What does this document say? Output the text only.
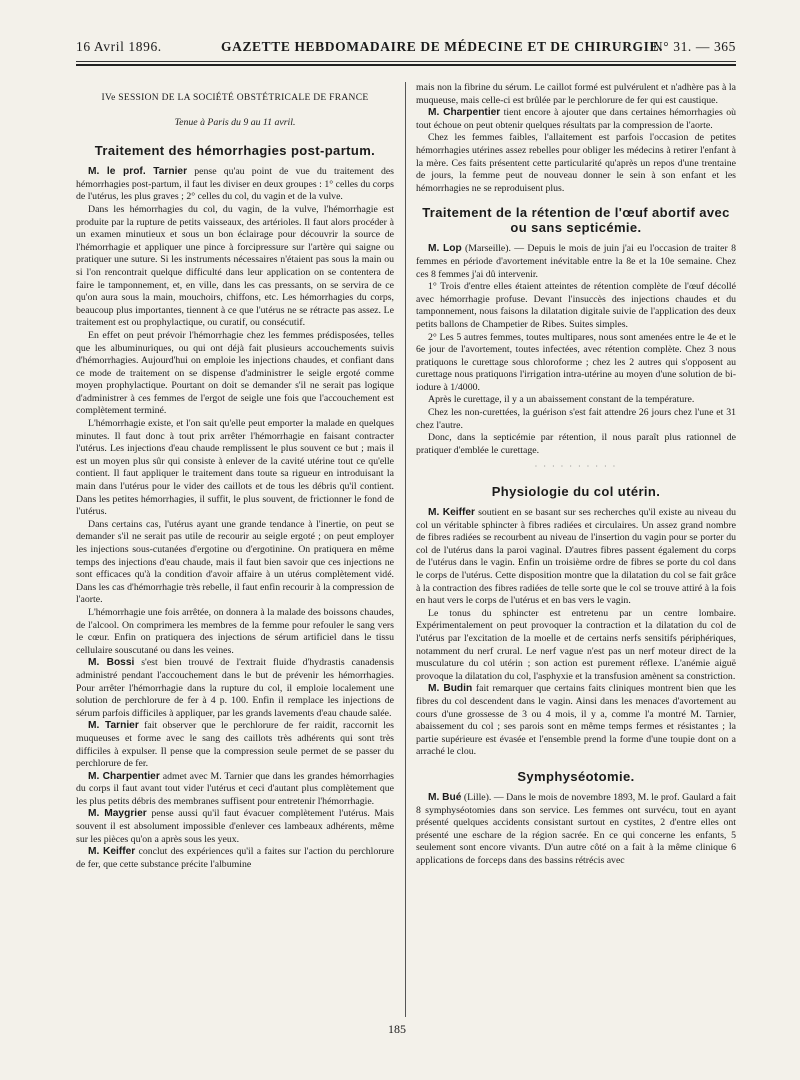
16 Avril 1896.	GAZETTE HEBDOMADAIRE DE MÉDECINE ET DE CHIRURGIE.
N° 31. — 365
IVe SESSION DE LA SOCIÉTÉ OBSTÉTRICALE DE FRANCE
Tenue à Paris du 9 au 11 avril.
Traitement des hémorrhagies post-partum.

M. le prof. Tarnier pense qu'au point de vue du traitement des hémorrhagies post-partum, il faut les diviser en deux groupes : 1° celles du corps de l'utérus, les plus graves ; 2° celles du col, du vagin et de la vulve.

Dans les hémorrhagies du col, du vagin, de la vulve, l'hémorrhagie est produite par la rupture de petits vaisseaux, des artérioles. Il faut alors procéder à un examen minutieux et sous un bon éclairage pour découvrir la source de l'hémorrhagie et appliquer une pince à forcipressure sur l'artère qui saigne ou pratiquer une suture. Si les instruments nécessaires n'étaient pas sous la main ou si l'on rencontrait quelque difficulté dans leur application on se contentera de faire le tamponnement, et, en ville, dans les cas pressants, on se servira de ce qu'on aura sous la main, mouchoirs, chiffons, etc. Les hémorrhagies du corps, beaucoup plus importantes, tiennent à ce que l'utérus ne se rétracte pas assez. Le traitement est ou prophylactique, ou curatif, ou consécutif.

En effet on peut prévoir l'hémorrhagie chez les femmes prédisposées, telles que les albuminuriques, ou qui ont déjà fait plusieurs accouchements suivis d'hémorrhagies. Aujourd'hui on emploie les injections chaudes, et confiant dans ce mode de traitement on se dispense d'administrer le seigle ergoté comme moyen prophylactique. Pourtant on doit se demander s'il ne serait pas logique d'administrer à ces femmes de l'ergot de seigle une fois que l'accouchement est complètement terminé.

L'hémorrhagie existe, et l'on sait qu'elle peut emporter la malade en quelques minutes. Il faut donc à tout prix arrêter l'hémorrhagie en faisant contracter l'utérus. Les injections d'eau chaude remplissent le plus souvent ce but ; mais il est un moyen plus sûr qui consiste à enlever de la cavité utérine tout ce qu'elle contient. Il faut appliquer le traitement dans toute sa rigueur en introduisant la main dans l'utérus pour le vider des caillots et de tous les débris qu'il contient. Dans les petites hémorrhagies, il suffit, le plus souvent, de frictionner le fond de l'utérus.

Dans certains cas, l'utérus ayant une grande tendance à l'inertie, on peut se demander s'il ne serait pas utile de recourir au seigle ergoté ; on peut employer les injections sous-cutanées d'ergotine ou d'ergotinine. On pratiquera en même temps des injections d'eau chaude, mais il faut bien savoir que ces injections ne sont efficaces qu'à la condition d'avoir affaire à un utérus complètement vidé. Dans les cas d'hémorrhagie très rebelle, il faut enfin recourir à la compression de l'aorte.

L'hémorrhagie une fois arrêtée, on donnera à la malade des boissons chaudes, de l'alcool. On comprimera les membres de la femme pour refouler le sang vers le cœur. Enfin on pratiquera des injections de sérum artificiel dans le tissu cellulaire souscutané ou dans les veines.

M. Bossi s'est bien trouvé de l'extrait fluide d'hydrastis canadensis administré pendant l'accouchement dans le but de prévenir les hémorrhagies. Pour arrêter l'hémorrhagie dans la rupture du col, il emploie localement une solution de perchlorure de fer à 4 p. 100. Enfin il remplace les injections de sérum parfois difficiles à appliquer, par les grands lavements d'eau chaude salée.

M. Tarnier fait observer que le perchlorure de fer raidit, raccornit les muqueuses et forme avec le sang des caillots très adhérents qui sont très difficiles à expulser. Il pense que la compression seule permet de se passer du perchlorure de fer.

M. Charpentier admet avec M. Tarnier que dans les grandes hémorrhagies du corps il faut avant tout vider l'utérus et ceci d'autant plus complètement que les plus petits débris des membranes suffisent pour entretenir l'hémorrhagie.

M. Maygrier pense aussi qu'il faut évacuer complètement l'utérus. Mais souvent il est absolument impossible d'enlever ces lambeaux adhérents, même sur les pièces qu'on a après sous les yeux.

M. Keiffer conclut des expériences qu'il a faites sur l'action du perchlorure de fer, que cette substance précite l'albumine

mais non la fibrine du sérum. Le caillot formé est pulvérulent et n'adhère pas à la muqueuse, mais celle-ci est brûlée par le perchlorure de fer qui est caustique.

M. Charpentier tient encore à ajouter que dans certaines hémorrhagies où tout échoue on peut obtenir quelques résultats par la compression de l'aorte.

Chez les femmes faibles, l'allaitement est parfois l'occasion de petites hémorrhagies utérines assez rebelles pour obliger les médecins à retirer l'enfant à la mère. Ces faits présentent cette particularité qu'après un repos d'une trentaine de jours, la femme peut de nouveau donner le sein à son enfant et les hémorrhagies ne se reproduisent plus.

Traitement de la rétention de l'œuf abortif avec ou sans septicémie.

M. Lop (Marseille). — Depuis le mois de juin j'ai eu l'occasion de traiter 8 femmes en période d'avortement inévitable entre la 8e et la 10e semaine. Chez ces 8 femmes j'ai dû intervenir.

1° Trois d'entre elles étaient atteintes de rétention complète de l'œuf décollé avec hémorrhagie profuse. Devant l'insuccès des injections chaudes et du tamponnement, nous faisons la dilatation digitale suivie de l'application des deux petits ballons de Champetier de Ribes. Suites simples.

2° Les 5 autres femmes, toutes multipares, nous sont amenées entre le 4e et le 6e jour de l'avortement, toutes infectées, avec rétention complète. Chez 3 nous pratiquons le curettage sous chloroforme ; chez les 2 autres qui s'opposent au curettage nous pratiquons l'irrigation intra-utérine au moyen d'une solution de bi-iodure à 1/4000.

Après le curettage, il y a un abaissement constant de la température.

Chez les non-curettées, la guérison s'est fait attendre 26 jours chez l'une et 31 chez l'autre.

Donc, dans la septicémie par rétention, il nous paraît plus rationnel de pratiquer d'emblée le curettage.

· · · · · · · · · ·
Physiologie du col utérin.

M. Keiffer soutient en se basant sur ses recherches qu'il existe au niveau du col un véritable sphincter à fibres radiées et circulaires. Un assez grand nombre de fibres radiées se recourbent au niveau de l'insertion du vagin pour se porter du col de l'utérus dans la paroi vaginal. D'autres fibres passent également du corps de l'utérus dans le vagin. Enfin un troisième ordre de fibres se porte du col dans le corps de l'utérus. Cette disposition montre que la dilatation du col se fait grâce à la contraction des fibres radiées de telle sorte que le col se trouve attiré à la fois en haut vers le corps de l'utérus et en bas vers le vagin.

Le tonus du sphincter est entretenu par un centre lombaire. Expérimentalement on peut provoquer la contraction et la dilatation du col de l'utérus par l'excitation de la moelle et de certains nerfs sensitifs périphériques, notamment du nerf crural. Le nerf vague n'est pas un nerf moteur direct de la musculature du col utérin ; son action est purement réflexe. L'anémie aiguë provoque la dilatation du col, l'asphyxie et la transfusion amènent sa constriction.

M. Budin fait remarquer que certains faits cliniques montrent bien que les fibres du col descendent dans le vagin. Ainsi dans les menaces d'avortement au cours d'une grossesse de 3 ou 4 mois, il y a, comme l'a montré M. Tarnier, abaissement du col ; ses parois sont en même temps fermes et résistantes ; la partie supérieure est évasée et l'ensemble prend la forme d'une toupie dont on a arraché le clou.

Symphyséotomie.

M. Bué (Lille). — Dans le mois de novembre 1893, M. le prof. Gaulard a fait 8 symphyséotomies dans son service. Les femmes ont survécu, tout en ayant présenté quelques accidents consistant surtout en cystites, 2 d'entre elles ont présenté une eschare de la région sacrée. En ce qui concerne les enfants, 5 seulement sont encore vivants. D'un autre côté on a fait à la même clinique 6 applications de forceps dans des bassins rétrécis avec

185
